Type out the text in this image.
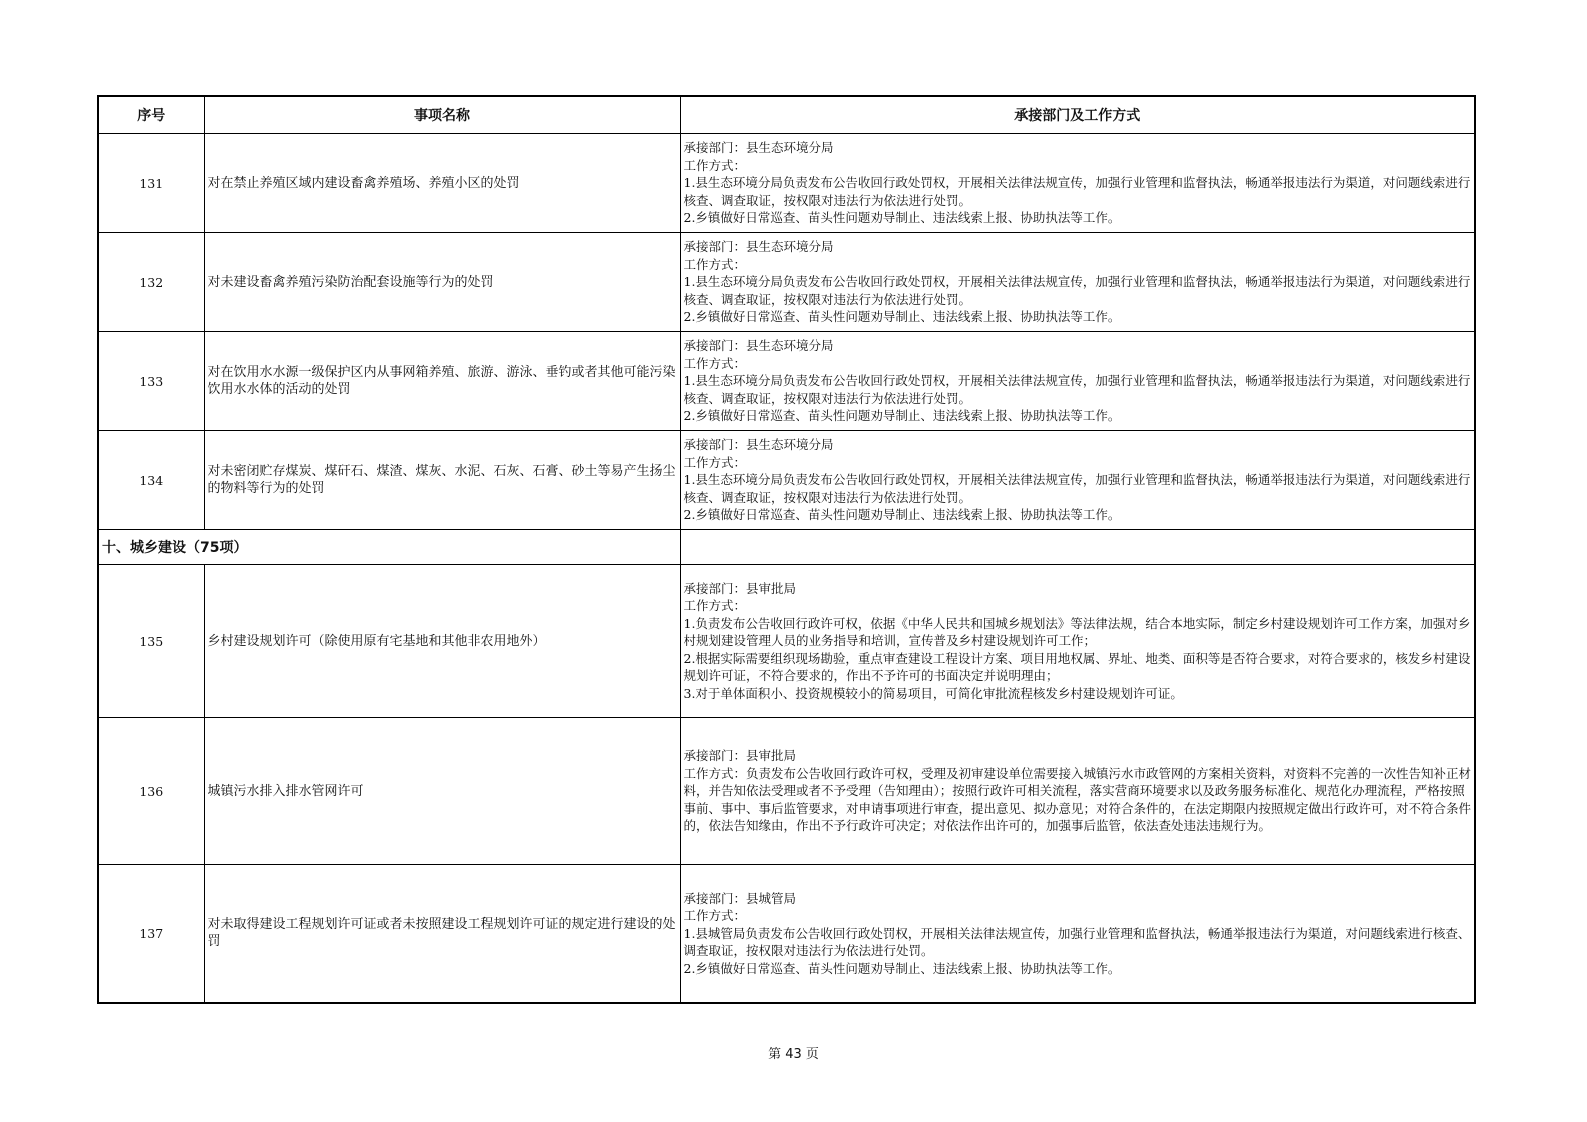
序号	事项名称	承接部门及工作方式
131	对在禁止养殖区域内建设畜禽养殖场、养殖小区的处罚	承接部门：县生态环境分局
工作方式：
1.县生态环境分局负责发布公告收回行政处罚权，开展相关法律法规宣传，加强行业管理和监督执法，畅通举报违法行为渠道，对问题线索进行核查、调查取证，按权限对违法行为依法进行处罚。
2.乡镇做好日常巡查、苗头性问题劝导制止、违法线索上报、协助执法等工作。

132	对未建设畜禽养殖污染防治配套设施等行为的处罚	承接部门：县生态环境分局
工作方式：
1.县生态环境分局负责发布公告收回行政处罚权，开展相关法律法规宣传，加强行业管理和监督执法，畅通举报违法行为渠道，对问题线索进行核查、调查取证，按权限对违法行为依法进行处罚。
2.乡镇做好日常巡查、苗头性问题劝导制止、违法线索上报、协助执法等工作。

133	对在饮用水水源一级保护区内从事网箱养殖、旅游、游泳、垂钓或者其他可能污染饮用水水体的活动的处罚	承接部门：县生态环境分局
工作方式：
1.县生态环境分局负责发布公告收回行政处罚权，开展相关法律法规宣传，加强行业管理和监督执法，畅通举报违法行为渠道，对问题线索进行核查、调查取证，按权限对违法行为依法进行处罚。
2.乡镇做好日常巡查、苗头性问题劝导制止、违法线索上报、协助执法等工作。

134	对未密闭贮存煤炭、煤矸石、煤渣、煤灰、水泥、石灰、石膏、砂土等易产生扬尘的物料等行为的处罚	承接部门：县生态环境分局
工作方式：
1.县生态环境分局负责发布公告收回行政处罚权，开展相关法律法规宣传，加强行业管理和监督执法，畅通举报违法行为渠道，对问题线索进行核查、调查取证，按权限对违法行为依法进行处罚。
2.乡镇做好日常巡查、苗头性问题劝导制止、违法线索上报、协助执法等工作。

十、城乡建设（75项）		
135	乡村建设规划许可（除使用原有宅基地和其他非农用地外）	承接部门：县审批局
工作方式：
1.负责发布公告收回行政许可权，依据《中华人民共和国城乡规划法》等法律法规，结合本地实际，制定乡村建设规划许可工作方案，加强对乡村规划建设管理人员的业务指导和培训，宣传普及乡村建设规划许可工作；
2.根据实际需要组织现场勘验，重点审查建设工程设计方案、项目用地权属、界址、地类、面积等是否符合要求，对符合要求的，核发乡村建设规划许可证，不符合要求的，作出不予许可的书面决定并说明理由；
3.对于单体面积小、投资规模较小的简易项目，可简化审批流程核发乡村建设规划许可证。

136	城镇污水排入排水管网许可	承接部门：县审批局
工作方式：负责发布公告收回行政许可权，受理及初审建设单位需要接入城镇污水市政管网的方案相关资料，对资料不完善的一次性告知补正材料，并告知依法受理或者不予受理（告知理由）；按照行政许可相关流程，落实营商环境要求以及政务服务标准化、规范化办理流程，严格按照事前、事中、事后监管要求，对申请事项进行审查，提出意见、拟办意见；对符合条件的，在法定期限内按照规定做出行政许可，对不符合条件的，依法告知缘由，作出不予行政许可决定；对依法作出许可的，加强事后监管，依法查处违法违规行为。

137	对未取得建设工程规划许可证或者未按照建设工程规划许可证的规定进行建设的处罚	承接部门：县城管局
工作方式：
1.县城管局负责发布公告收回行政处罚权，开展相关法律法规宣传，加强行业管理和监督执法，畅通举报违法行为渠道，对问题线索进行核查、调查取证，按权限对违法行为依法进行处罚。
2.乡镇做好日常巡查、苗头性问题劝导制止、违法线索上报、协助执法等工作。
第 43 页
